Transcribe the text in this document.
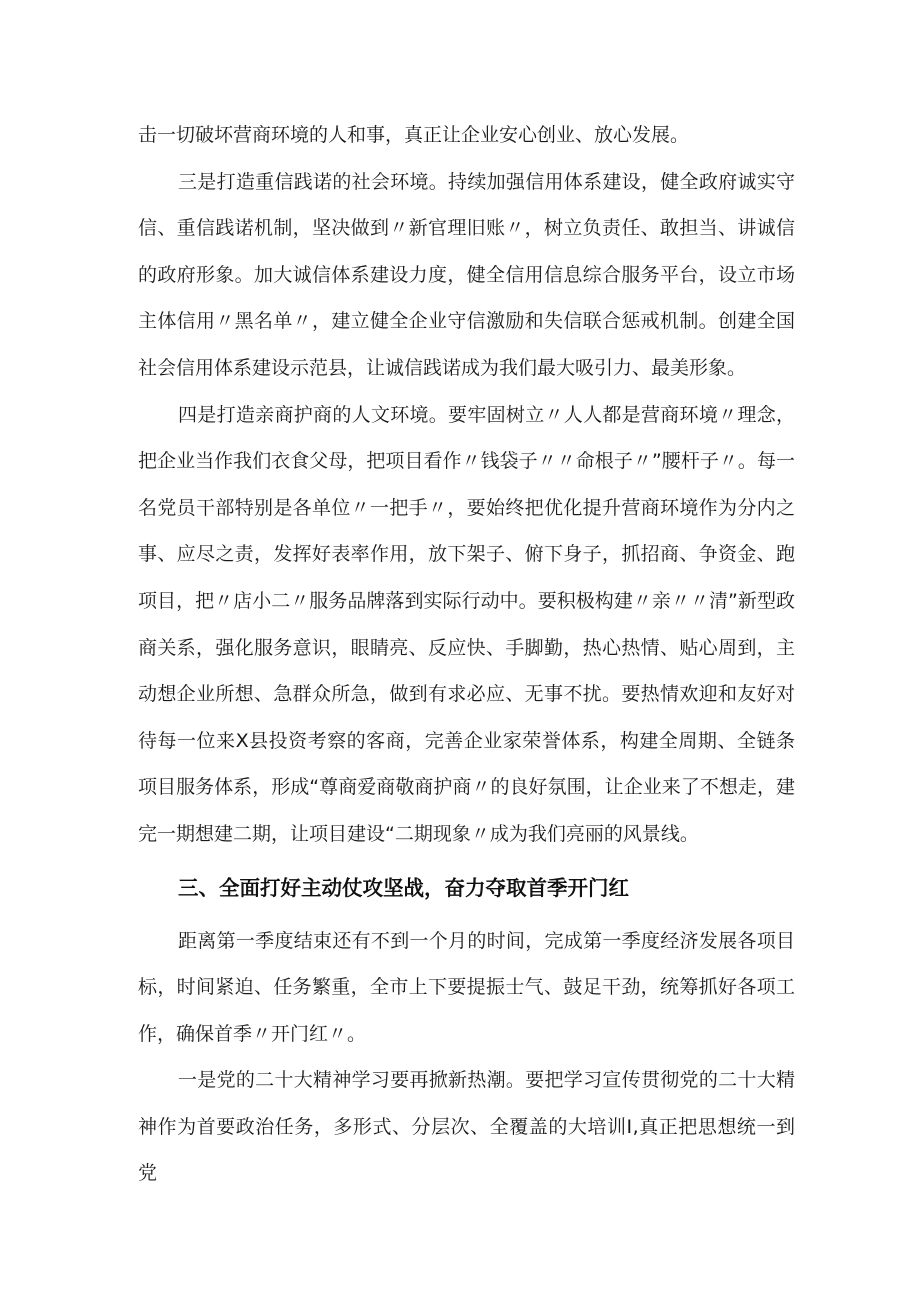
击一切破坏营商环境的人和事，真正让企业安心创业、放心发展。

三是打造重信践诺的社会环境。持续加强信用体系建设，健全政府诚实守信、重信践诺机制，坚决做到〃新官理旧账〃，树立负责任、敢担当、讲诚信的政府形象。加大诚信体系建设力度，健全信用信息综合服务平台，设立市场主体信用〃黑名单〃，建立健全企业守信激励和失信联合惩戒机制。创建全国社会信用体系建设示范县，让诚信践诺成为我们最大吸引力、最美形象。

四是打造亲商护商的人文环境。要牢固树立〃人人都是营商环境〃理念，把企业当作我们衣食父母，把项目看作〃钱袋子〃〃命根子〃”腰杆子〃。每一名党员干部特别是各单位〃一把手〃，要始终把优化提升营商环境作为分内之事、应尽之责，发挥好表率作用，放下架子、俯下身子，抓招商、争资金、跑项目，把〃店小二〃服务品牌落到实际行动中。要积极构建〃亲〃〃清”新型政商关系，强化服务意识，眼睛亮、反应快、手脚勤，热心热情、贴心周到，主动想企业所想、急群众所急，做到有求必应、无事不扰。要热情欢迎和友好对待每一位来X县投资考察的客商，完善企业家荣誉体系，构建全周期、全链条项目服务体系，形成“尊商爱商敬商护商〃的良好氛围，让企业来了不想走，建完一期想建二期，让项目建设“二期现象〃成为我们亮丽的风景线。

三、全面打好主动仗攻坚战，奋力夺取首季开门红

距离第一季度结束还有不到一个月的时间，完成第一季度经济发展各项目标，时间紧迫、任务繁重，全市上下要提振士气、鼓足干劲，统筹抓好各项工作，确保首季〃开门红〃。

一是党的二十大精神学习要再掀新热潮。要把学习宣传贯彻党的二十大精神作为首要政治任务，多形式、分层次、全覆盖的大培训Ⅰ,真正把思想统一到党
